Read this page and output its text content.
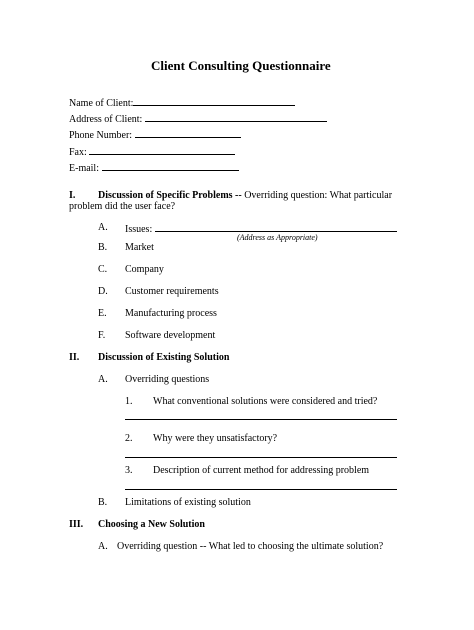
Client Consulting Questionnaire
Name of Client:
Address of Client:
Phone Number:
Fax:
E-mail:
I. Discussion of Specific Problems -- Overriding question: What particular
problem did the user face?
A. Issues:
(Address as Appropriate)
B. Market
C. Company
D. Customer requirements
E. Manufacturing process
F. Software development
II. Discussion of Existing Solution
A. Overriding questions
1. What conventional solutions were considered and tried?
2. Why were they unsatisfactory?
3. Description of current method for addressing problem
B. Limitations of existing solution
III. Choosing a New Solution
A. Overriding question -- What led to choosing the ultimate solution?
